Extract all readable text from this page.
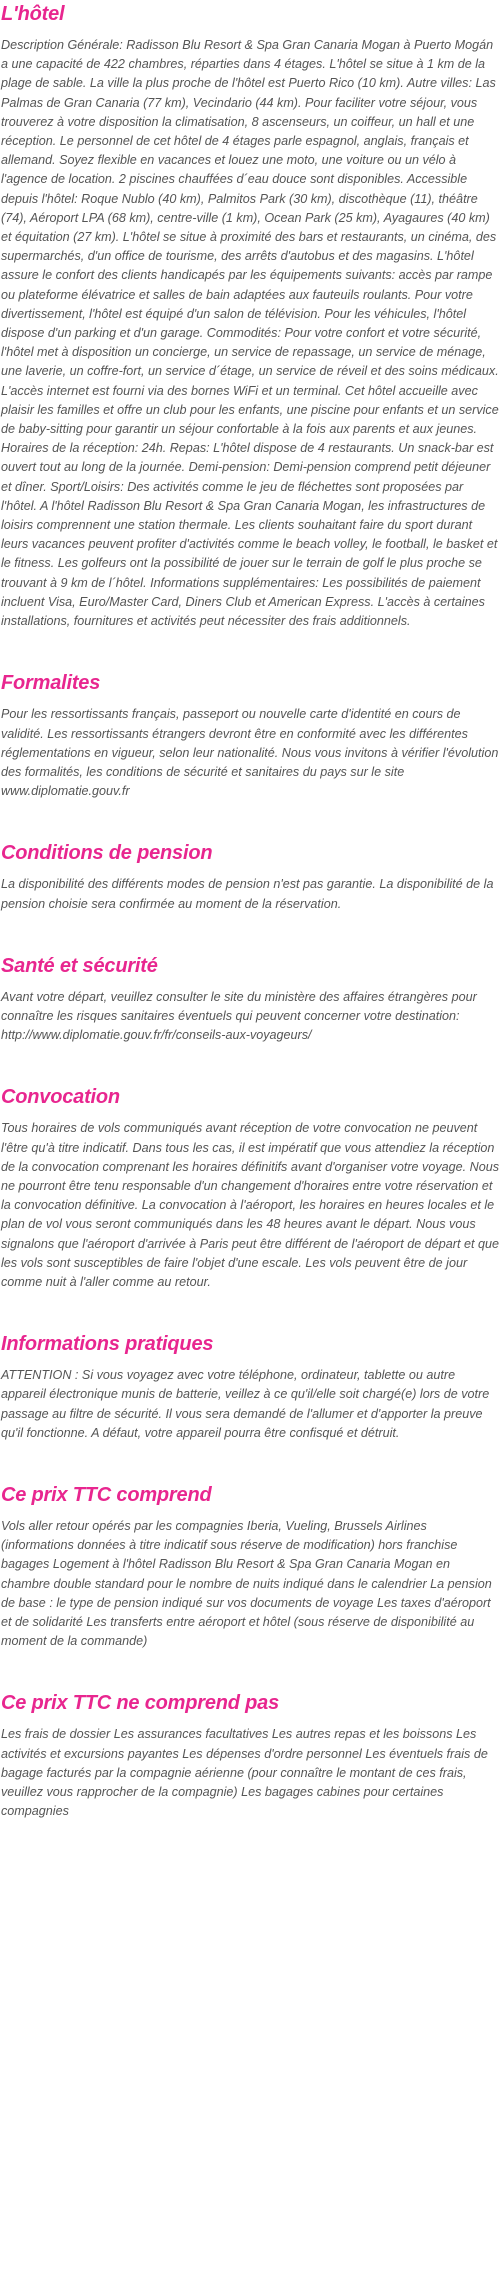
L'hôtel

Description Générale: Radisson Blu Resort & Spa Gran Canaria Mogan à Puerto Mogán a une capacité de 422 chambres, réparties dans 4 étages. L'hôtel se situe à 1 km de la plage de sable. La ville la plus proche de l'hôtel est Puerto Rico (10 km). Autre villes: Las Palmas de Gran Canaria (77 km), Vecindario (44 km). Pour faciliter votre séjour, vous trouverez à votre disposition la climatisation, 8 ascenseurs, un coiffeur, un hall et une réception. Le personnel de cet hôtel de 4 étages parle espagnol, anglais, français et allemand. Soyez flexible en vacances et louez une moto, une voiture ou un vélo à l'agence de location. 2 piscines chauffées d´eau douce sont disponibles. Accessible depuis l'hôtel: Roque Nublo (40 km), Palmitos Park (30 km), discothèque (11), théâtre (74), Aéroport LPA (68 km), centre-ville (1 km), Ocean Park (25 km), Ayagaures (40 km) et équitation (27 km). L'hôtel se situe à proximité des bars et restaurants, un cinéma, des supermarchés, d'un office de tourisme, des arrêts d'autobus et des magasins. L'hôtel assure le confort des clients handicapés par les équipements suivants: accès par rampe ou plateforme élévatrice et salles de bain adaptées aux fauteuils roulants. Pour votre divertissement, l'hôtel est équipé d'un salon de télévision. Pour les véhicules, l'hôtel dispose d'un parking et d'un garage. Commodités: Pour votre confort et votre sécurité, l'hôtel met à disposition un concierge, un service de repassage, un service de ménage, une laverie, un coffre-fort, un service d´étage, un service de réveil et des soins médicaux. L'accès internet est fourni via des bornes WiFi et un terminal. Cet hôtel accueille avec plaisir les familles et offre un club pour les enfants, une piscine pour enfants et un service de baby-sitting pour garantir un séjour confortable à la fois aux parents et aux jeunes. Horaires de la réception: 24h. Repas: L'hôtel dispose de 4 restaurants. Un snack-bar est ouvert tout au long de la journée. Demi-pension: Demi-pension comprend petit déjeuner et dîner. Sport/Loisirs: Des activités comme le jeu de fléchettes sont proposées par l'hôtel. A l'hôtel Radisson Blu Resort & Spa Gran Canaria Mogan, les infrastructures de loisirs comprennent une station thermale. Les clients souhaitant faire du sport durant leurs vacances peuvent profiter d'activités comme le beach volley, le football, le basket et le fitness. Les golfeurs ont la possibilité de jouer sur le terrain de golf le plus proche se trouvant à 9 km de l´hôtel. Informations supplémentaires: Les possibilités de paiement incluent Visa, Euro/Master Card, Diners Club et American Express. L'accès à certaines installations, fournitures et activités peut nécessiter des frais additionnels.

Formalites

Pour les ressortissants français, passeport ou nouvelle carte d'identité en cours de validité. Les ressortissants étrangers devront être en conformité avec les différentes réglementations en vigueur, selon leur nationalité. Nous vous invitons à vérifier l'évolution des formalités, les conditions de sécurité et sanitaires du pays sur le site www.diplomatie.gouv.fr

Conditions de pension

La disponibilité des différents modes de pension n'est pas garantie. La disponibilité de la pension choisie sera confirmée au moment de la réservation.

Santé et sécurité

Avant votre départ, veuillez consulter le site du ministère des affaires étrangères pour connaître les risques sanitaires éventuels qui peuvent concerner votre destination: http://www.diplomatie.gouv.fr/fr/conseils-aux-voyageurs/

Convocation

Tous horaires de vols communiqués avant réception de votre convocation ne peuvent l'être qu'à titre indicatif. Dans tous les cas, il est impératif que vous attendiez la réception de la convocation comprenant les horaires définitifs avant d'organiser votre voyage. Nous ne pourront être tenu responsable d'un changement d'horaires entre votre réservation et la convocation définitive. La convocation à l'aéroport, les horaires en heures locales et le plan de vol vous seront communiqués dans les 48 heures avant le départ. Nous vous signalons que l'aéroport d'arrivée à Paris peut être différent de l'aéroport de départ et que les vols sont susceptibles de faire l'objet d'une escale. Les vols peuvent être de jour comme nuit à l'aller comme au retour.

Informations pratiques

ATTENTION : Si vous voyagez avec votre téléphone, ordinateur, tablette ou autre appareil électronique munis de batterie, veillez à ce qu'il/elle soit chargé(e) lors de votre passage au filtre de sécurité. Il vous sera demandé de l'allumer et d'apporter la preuve qu'il fonctionne. A défaut, votre appareil pourra être confisqué et détruit.

Ce prix TTC comprend

Vols aller retour opérés par les compagnies Iberia, Vueling, Brussels Airlines (informations données à titre indicatif sous réserve de modification) hors franchise bagages Logement à l'hôtel Radisson Blu Resort & Spa Gran Canaria Mogan en chambre double standard pour le nombre de nuits indiqué dans le calendrier La pension de base : le type de pension indiqué sur vos documents de voyage Les taxes d'aéroport et de solidarité Les transferts entre aéroport et hôtel (sous réserve de disponibilité au moment de la commande)

Ce prix TTC ne comprend pas

Les frais de dossier Les assurances facultatives Les autres repas et les boissons Les activités et excursions payantes Les dépenses d'ordre personnel Les éventuels frais de bagage facturés par la compagnie aérienne (pour connaître le montant de ces frais, veuillez vous rapprocher de la compagnie) Les bagages cabines pour certaines compagnies
